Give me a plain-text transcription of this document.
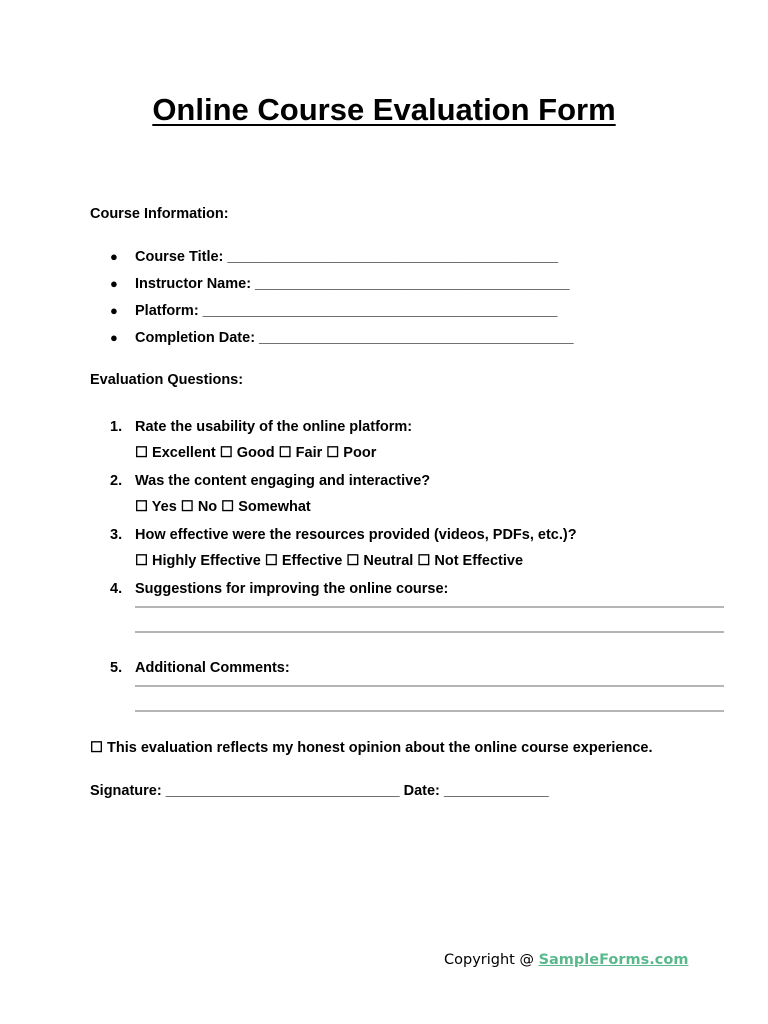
Online Course Evaluation Form
Course Information:
●	Course Title: _________________________________________
●	Instructor Name: _______________________________________
●	Platform: ____________________________________________
●	Completion Date: _______________________________________
Evaluation Questions:
1. Rate the usability of the online platform:
☐ Excellent ☐ Good ☐ Fair ☐ Poor
2. Was the content engaging and interactive?
☐ Yes ☐ No ☐ Somewhat
3. How effective were the resources provided (videos, PDFs, etc.)?
☐ Highly Effective ☐ Effective ☐ Neutral ☐ Not Effective
4. Suggestions for improving the online course:
5. Additional Comments:
☐ This evaluation reflects my honest opinion about the online course experience.
Signature: _____________________________ Date: _____________
Copyright @ SampleForms.com
